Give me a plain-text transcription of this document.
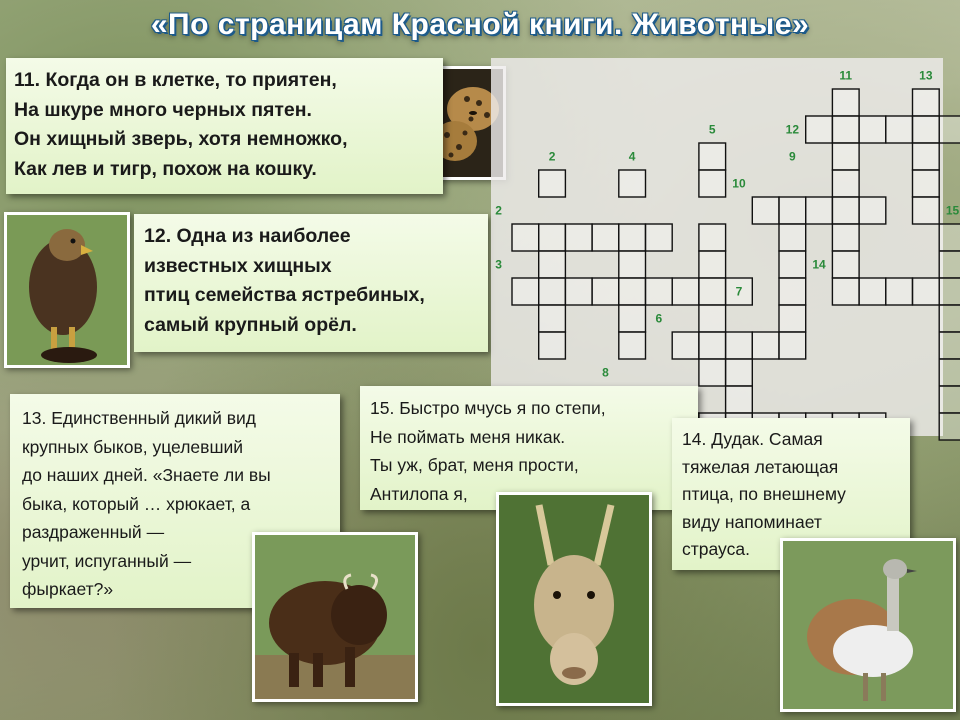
«По страницам Красной книги. Животные»
11. Когда он в клетке, то приятен,
На шкуре много черных пятен.
Он хищный зверь, хотя немножко,
Как лев и тигр, похож на кошку.
12. Одна из наиболее
известных хищных
птиц семейства ястребиных,
самый крупный орёл.
11	13
5	12
2	4	9
10
2	15
3	14
7
6
8
13. Единственный дикий вид
крупных быков, уцелевший
до наших дней. «Знаете ли вы
быка, который … хрюкает, а
раздраженный —
урчит, испуганный —
фыркает?»
15. Быстро мчусь я по степи,
Не поймать меня никак.
Ты уж, брат, меня прости,
Антилопа я,
14. Дудак. Самая
тяжелая летающая
птица, по внешнему
виду напоминает
страуса.
